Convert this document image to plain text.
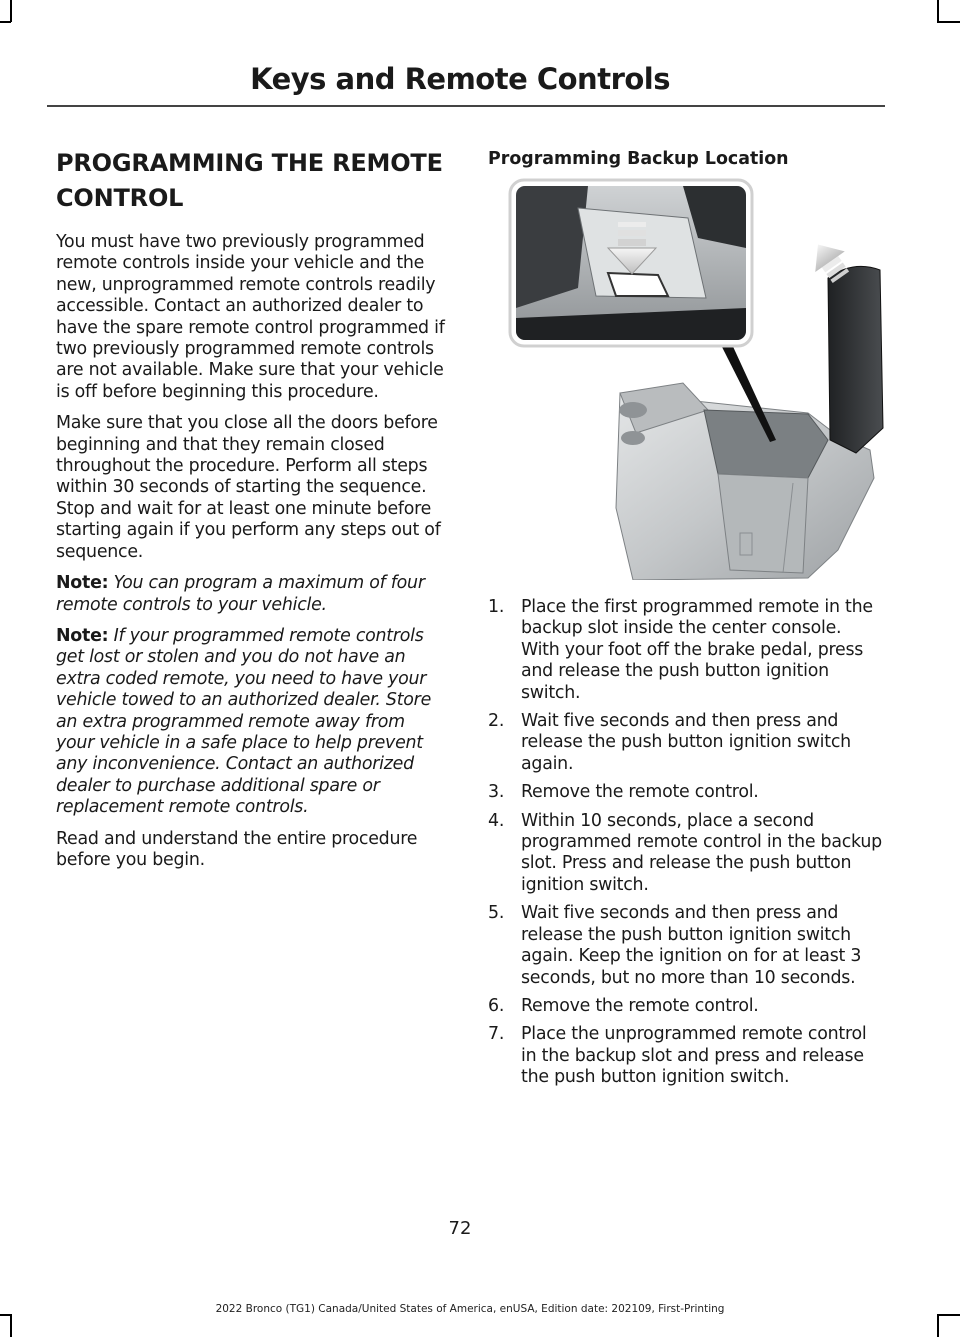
Keys and Remote Controls
PROGRAMMING THE REMOTE CONTROL

You must have two previously programmed remote controls inside your vehicle and the new, unprogrammed remote controls readily accessible. Contact an authorized dealer to have the spare remote control programmed if two previously programmed remote controls are not available. Make sure that your vehicle is off before beginning this procedure.

Make sure that you close all the doors before beginning and that they remain closed throughout the procedure. Perform all steps within 30 seconds of starting the sequence. Stop and wait for at least one minute before starting again if you perform any steps out of sequence.

Note: You can program a maximum of four remote controls to your vehicle.

Note: If your programmed remote controls get lost or stolen and you do not have an extra coded remote, you need to have your vehicle towed to an authorized dealer. Store an extra programmed remote away from your vehicle in a safe place to help prevent any inconvenience. Contact an authorized dealer to purchase additional spare or replacement remote controls.

Read and understand the entire procedure before you begin.

Programming Backup Location
1. Place the first programmed remote in the backup slot inside the center console. With your foot off the brake pedal, press and release the push button ignition switch.
2. Wait five seconds and then press and release the push button ignition switch again.
3. Remove the remote control.
4. Within 10 seconds, place a second programmed remote control in the backup slot. Press and release the push button ignition switch.
5. Wait five seconds and then press and release the push button ignition switch again. Keep the ignition on for at least 3 seconds, but no more than 10 seconds.
6. Remove the remote control.
7. Place the unprogrammed remote control in the backup slot and press and release the push button ignition switch.
72
2022 Bronco (TG1) Canada/United States of America, enUSA, Edition date: 202109, First-Printing
